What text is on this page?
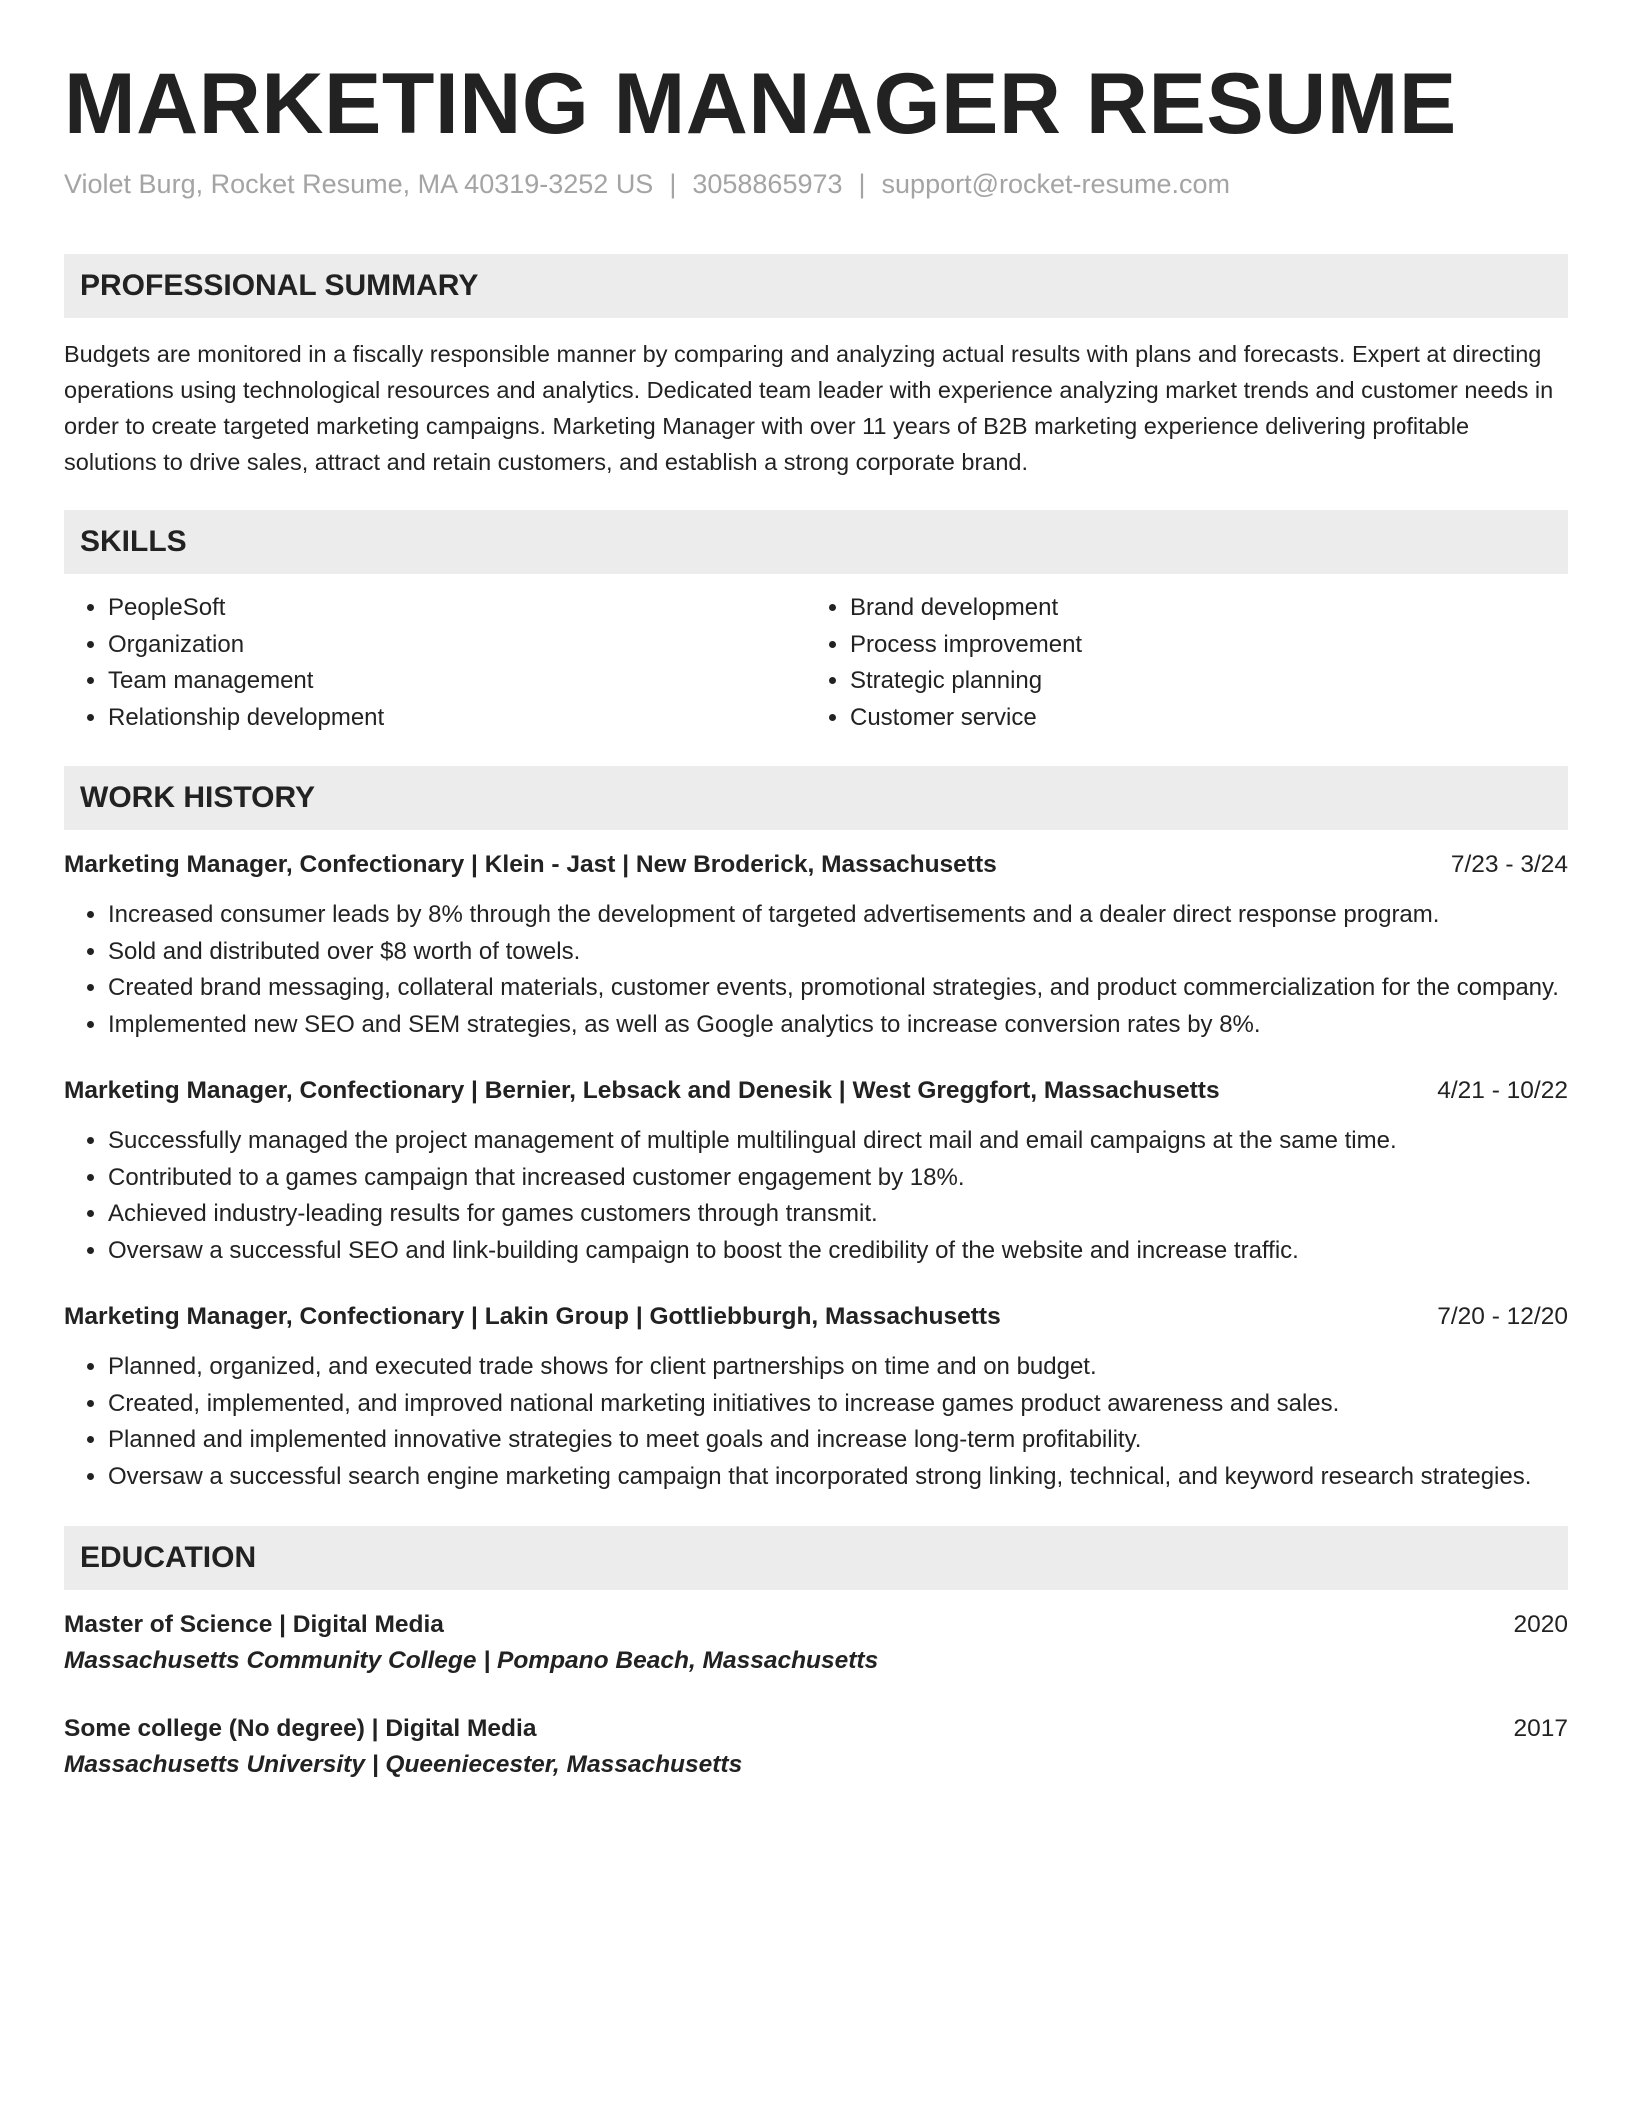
MARKETING MANAGER RESUME
Violet Burg, Rocket Resume, MA 40319-3252 US | 3058865973 | support@rocket-resume.com
PROFESSIONAL SUMMARY

Budgets are monitored in a fiscally responsible manner by comparing and analyzing actual results with plans and forecasts. Expert at directing operations using technological resources and analytics. Dedicated team leader with experience analyzing market trends and customer needs in order to create targeted marketing campaigns. Marketing Manager with over 11 years of B2B marketing experience delivering profitable solutions to drive sales, attract and retain customers, and establish a strong corporate brand.

SKILLS
• PeopleSoft
• Organization
• Team management
• Relationship development
• Brand development
• Process improvement
• Strategic planning
• Customer service
WORK HISTORY
Marketing Manager, Confectionary | Klein - Jast | New Broderick, Massachusetts	7/23 - 3/24
• Increased consumer leads by 8% through the development of targeted advertisements and a dealer direct response program.
• Sold and distributed over $8 worth of towels.
• Created brand messaging, collateral materials, customer events, promotional strategies, and product commercialization for the company.
• Implemented new SEO and SEM strategies, as well as Google analytics to increase conversion rates by 8%.
Marketing Manager, Confectionary | Bernier, Lebsack and Denesik | West Greggfort, Massachusetts	4/21 - 10/22
• Successfully managed the project management of multiple multilingual direct mail and email campaigns at the same time.
• Contributed to a games campaign that increased customer engagement by 18%.
• Achieved industry-leading results for games customers through transmit.
• Oversaw a successful SEO and link-building campaign to boost the credibility of the website and increase traffic.
Marketing Manager, Confectionary | Lakin Group | Gottliebburgh, Massachusetts	7/20 - 12/20
• Planned, organized, and executed trade shows for client partnerships on time and on budget.
• Created, implemented, and improved national marketing initiatives to increase games product awareness and sales.
• Planned and implemented innovative strategies to meet goals and increase long-term profitability.
• Oversaw a successful search engine marketing campaign that incorporated strong linking, technical, and keyword research strategies.
EDUCATION
Master of Science | Digital Media	2020
Massachusetts Community College | Pompano Beach, Massachusetts
Some college (No degree) | Digital Media	2017
Massachusetts University | Queeniecester, Massachusetts
